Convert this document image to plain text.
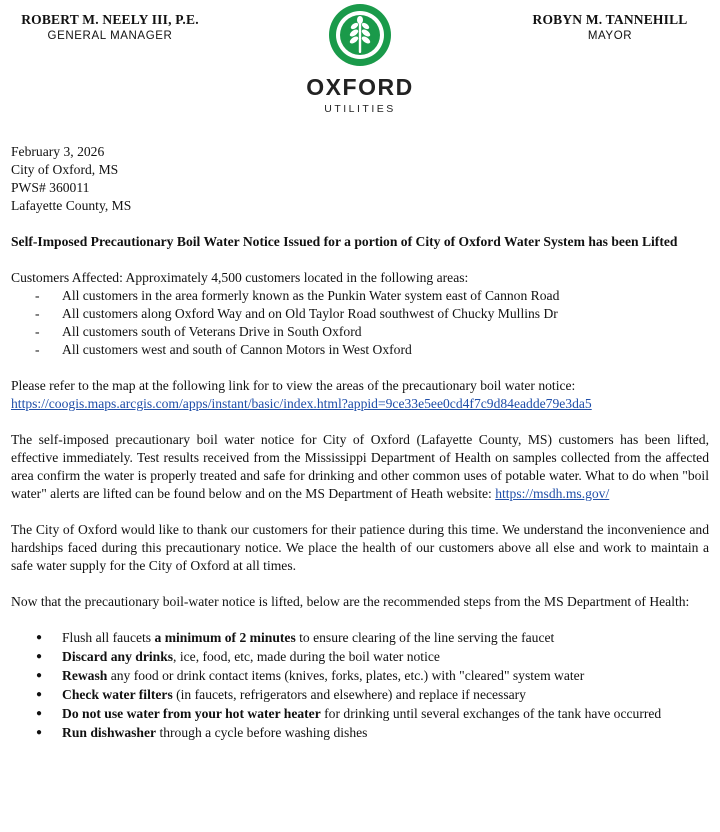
ROBERT M. NEELY III, P.E.
GENERAL MANAGER
OXFORD
UTILITIES
ROBYN M. TANNEHILL
MAYOR
February 3, 2026
City of Oxford, MS
PWS# 360011
Lafayette County, MS
Self-Imposed Precautionary Boil Water Notice Issued for a portion of City of Oxford Water System has been Lifted
Customers Affected: Approximately 4,500 customers located in the following areas:
- All customers in the area formerly known as the Punkin Water system east of Cannon Road
- All customers along Oxford Way and on Old Taylor Road southwest of Chucky Mullins Dr
- All customers south of Veterans Drive in South Oxford
- All customers west and south of Cannon Motors in West Oxford
Please refer to the map at the following link for to view the areas of the precautionary boil water notice:
https://coogis.maps.arcgis.com/apps/instant/basic/index.html?appid=9ce33e5ee0cd4f7c9d84eadde79e3da5
The self-imposed precautionary boil water notice for City of Oxford (Lafayette County, MS) customers has been lifted, effective immediately. Test results received from the Mississippi Department of Health on samples collected from the affected area confirm the water is properly treated and safe for drinking and other common uses of potable water. What to do when "boil water" alerts are lifted can be found below and on the MS Department of Heath website: https://msdh.ms.gov/
The City of Oxford would like to thank our customers for their patience during this time. We understand the inconvenience and hardships faced during this precautionary notice. We place the health of our customers above all else and work to maintain a safe water supply for the City of Oxford at all times.
Now that the precautionary boil-water notice is lifted, below are the recommended steps from the MS Department of Health:
● Flush all faucets a minimum of 2 minutes to ensure clearing of the line serving the faucet
● Discard any drinks, ice, food, etc, made during the boil water notice
● Rewash any food or drink contact items (knives, forks, plates, etc.) with "cleared" system water
● Check water filters (in faucets, refrigerators and elsewhere) and replace if necessary
● Do not use water from your hot water heater for drinking until several exchanges of the tank have occurred
● Run dishwasher through a cycle before washing dishes
